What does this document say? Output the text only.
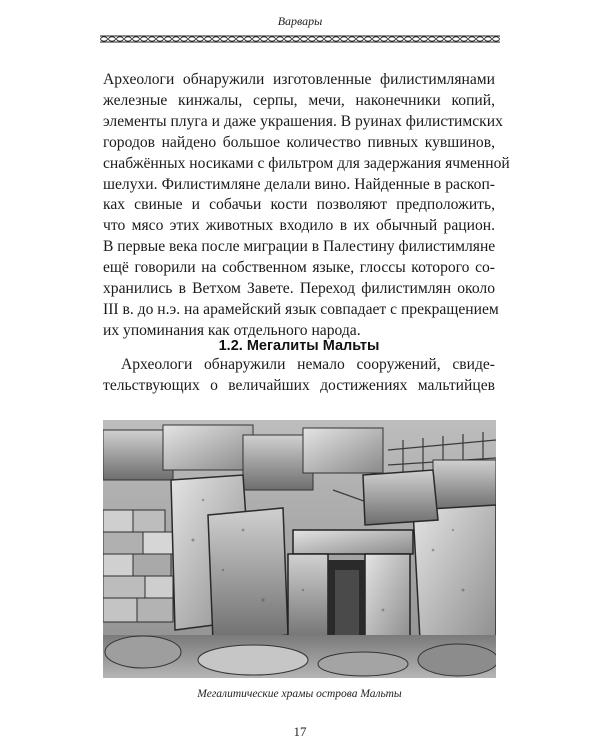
Варвары

Археологи обнаружили изготовленные филистимлянами
железные кинжалы, серпы, мечи, наконечники копий,
элементы плуга и даже украшения. В руинах филистимских
городов найдено большое количество пивных кувшинов,
снабжённых носиками с фильтром для задержания ячменной
шелухи. Филистимляне делали вино. Найденные в раскоп-
ках свиные и собачьи кости позволяют предположить,
что мясо этих животных входило в их обычный рацион.
В первые века после миграции в Палестину филистимляне
ещё говорили на собственном языке, глоссы которого со-
хранились в Ветхом Завете. Переход филистимлян около
III в. до н.э. на арамейский язык совпадает с прекращением
их упоминания как отдельного народа.

1.2. Мегалиты Мальты

Археологи обнаружили немало сооружений, свиде-
тельствующих о величайших достижениях мальтийцев

Мегалитические храмы острова Мальты
17
